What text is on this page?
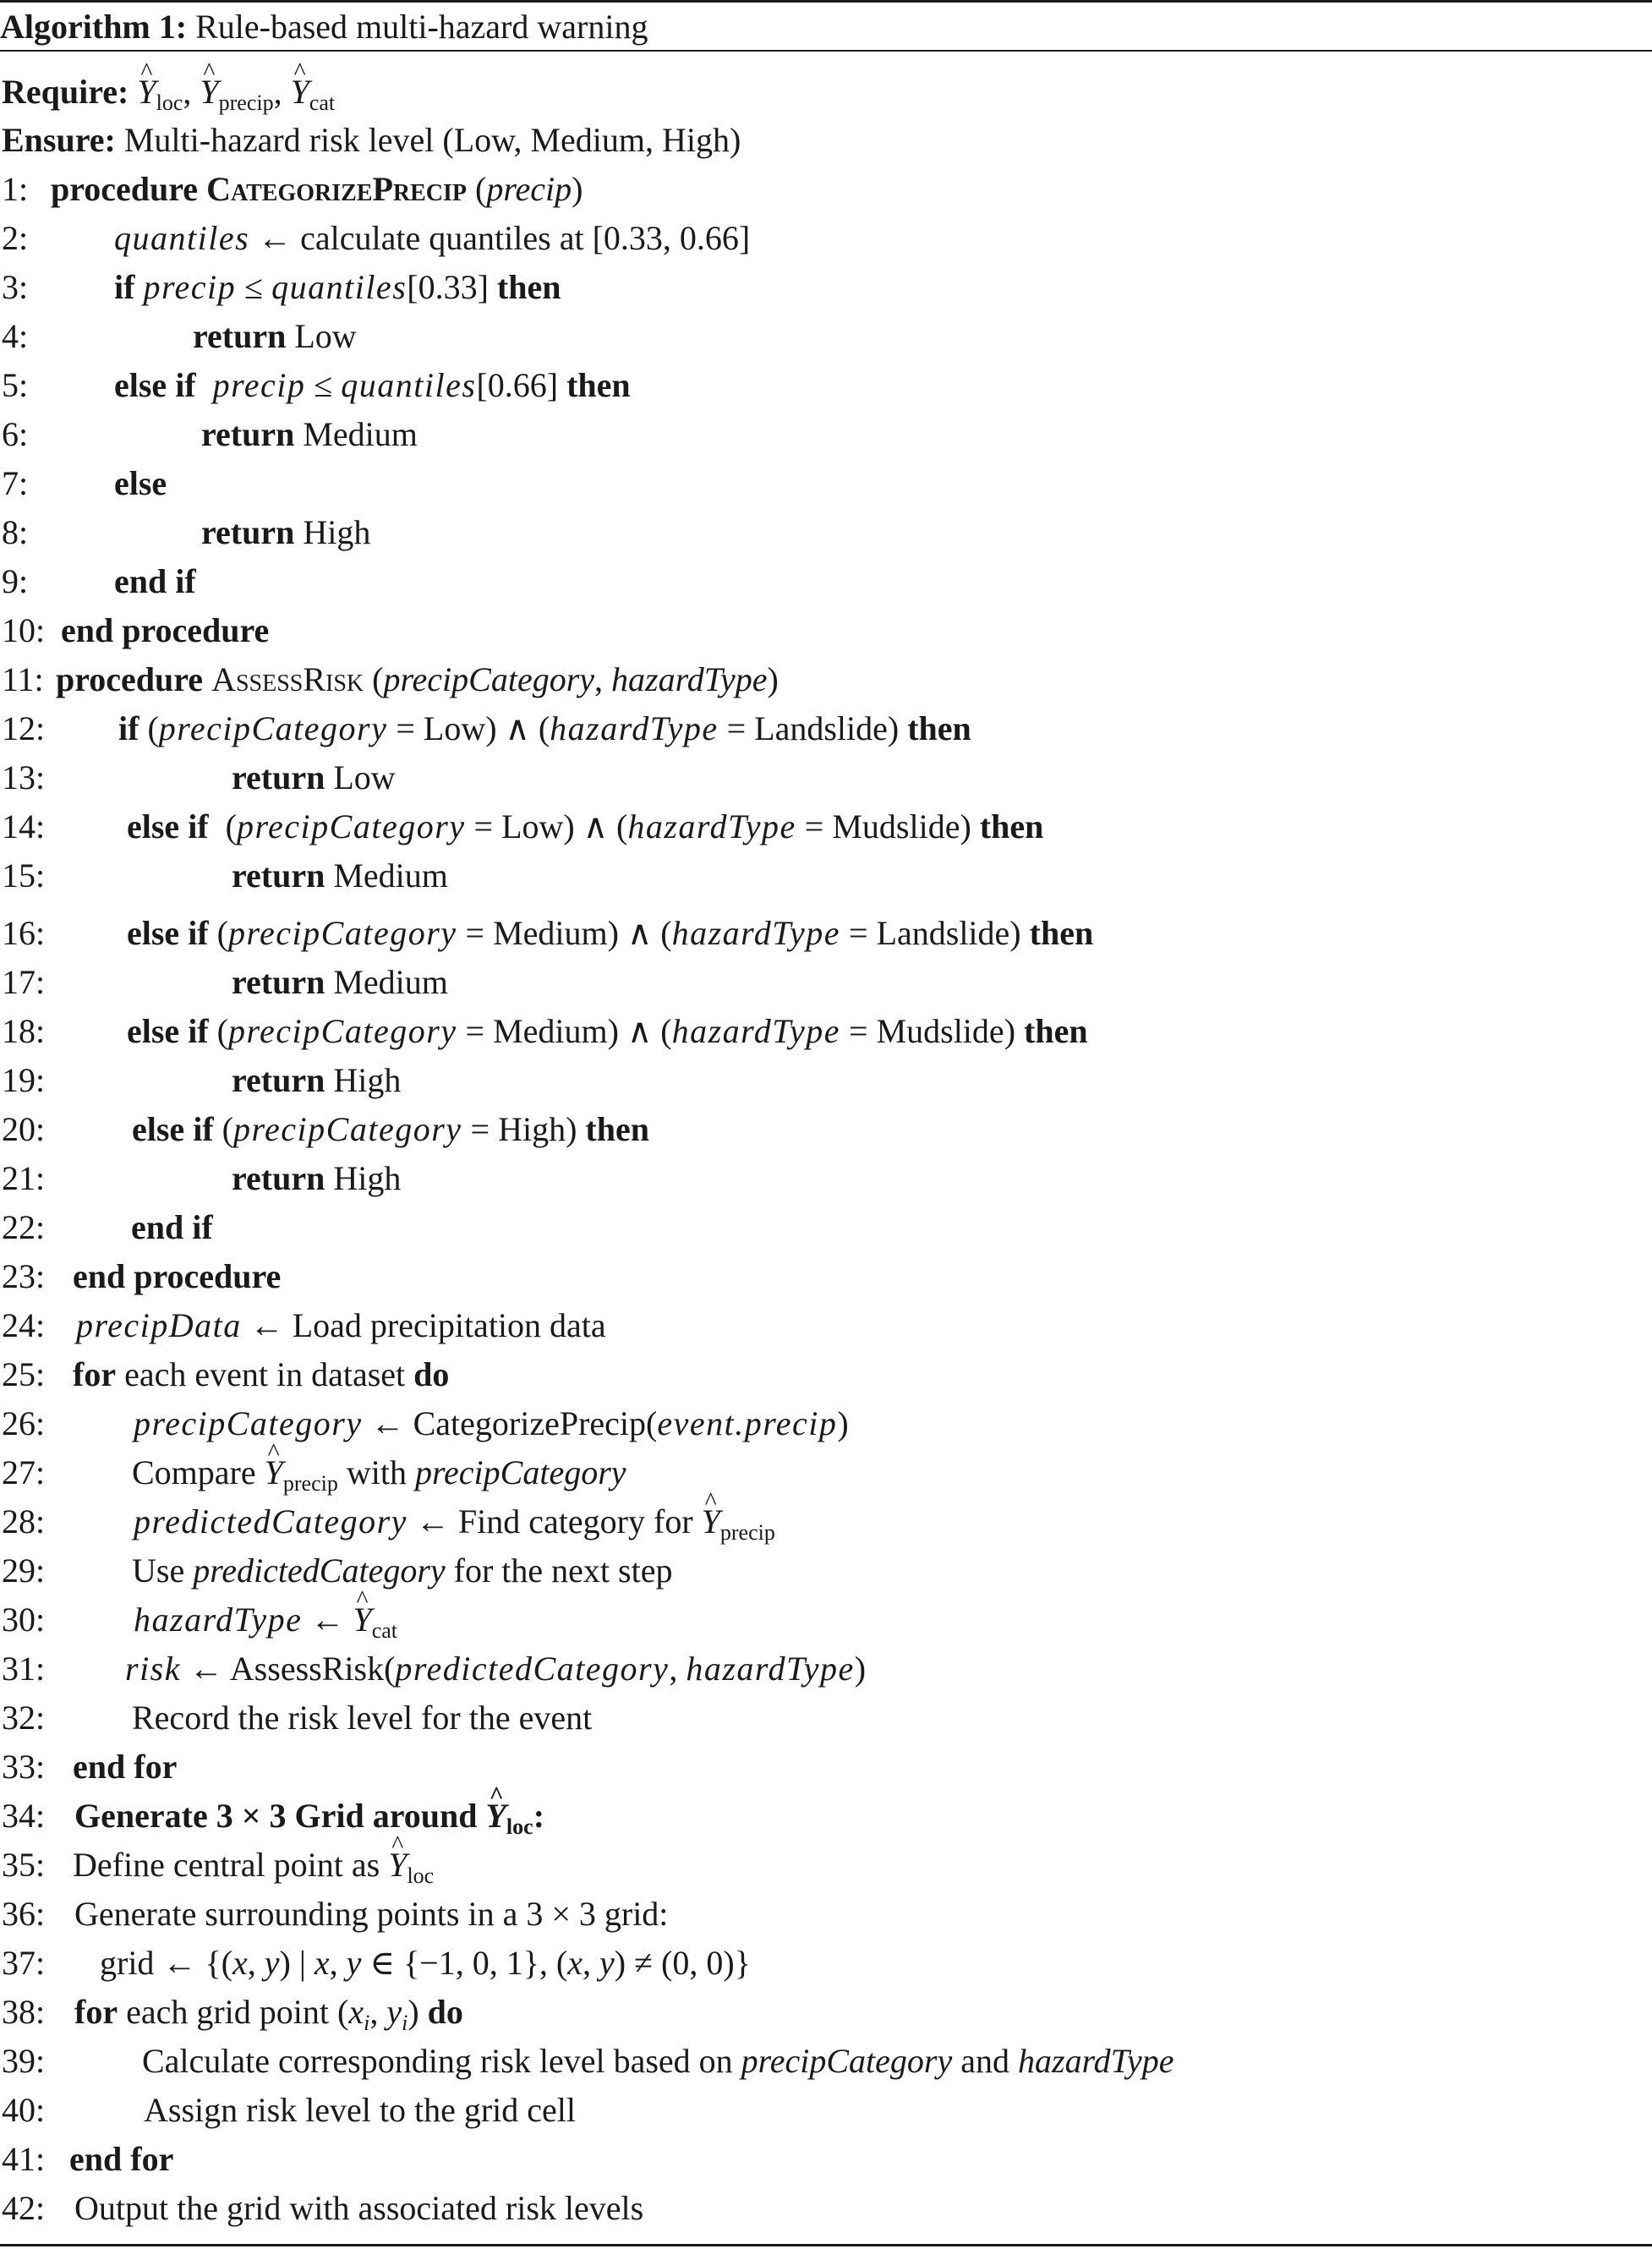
Algorithm 1: Rule-based multi-hazard warning
Require: ^ $Y_{loc}$, ^ $Y_{precip}$, ^ $Y_{cat}$
Ensure: Multi-hazard risk level (Low, Medium, High)
1: procedure CategorizePrecip (precip)
2:	quantiles ← calculate quantiles at [0.33, 0.66]
3:	if precip ≤ quantiles[0.33] then
4:	return Low
5:	else if precip ≤ quantiles[0.66] then
6:	return Medium
7:	else
8:	return High
9:	end if
10: end procedure
11: procedure AssessRisk (precipCategory, hazardType)
12: if (precipCategory = Low) ∧ (hazardType = Landslide) then
13:	return Low
14: else if  (precipCategory = Low) ∧ (hazardType = Mudslide) then
15:	return Medium
16: else if (precipCategory = Medium) ∧ (hazardType = Landslide) then
17:	return Medium
18: else if (precipCategory = Medium) ∧ (hazardType = Mudslide) then
19:	return High
20:	else if (precipCategory = High) then
21:	return High
22:	end if
23: end procedure
24: precipData ← Load precipitation data
25: for each event in dataset do
26:	precipCategory ← CategorizePrecip(event.precip)
27:	Compare ^ $Y_{precip}$ with precipCategory
28:	predictedCategory ← Find category for ^ $Y_{precip}$
29:	Use predictedCategory for the next step
30:	hazardType ← ^ $Y_{cat}$
31: risk ← AssessRisk(predictedCategory, hazardType)
32:	Record the risk level for the event
33: end for
34: Generate 3 × 3 Grid around ^ $Y_{loc}$:
35: Define central point as ^ $Y_{loc}$
36: Generate surrounding points in a 3 × 3 grid:
37: grid ← {(x, y) | x, y ∈ {−1, 0, 1}, (x, y) ≠ (0, 0)}
38: for each grid point ($x_i$, $y_i$) do
39:	Calculate corresponding risk level based on precipCategory and hazardType
40:	Assign risk level to the grid cell
41: end for
42: Output the grid with associated risk levels
